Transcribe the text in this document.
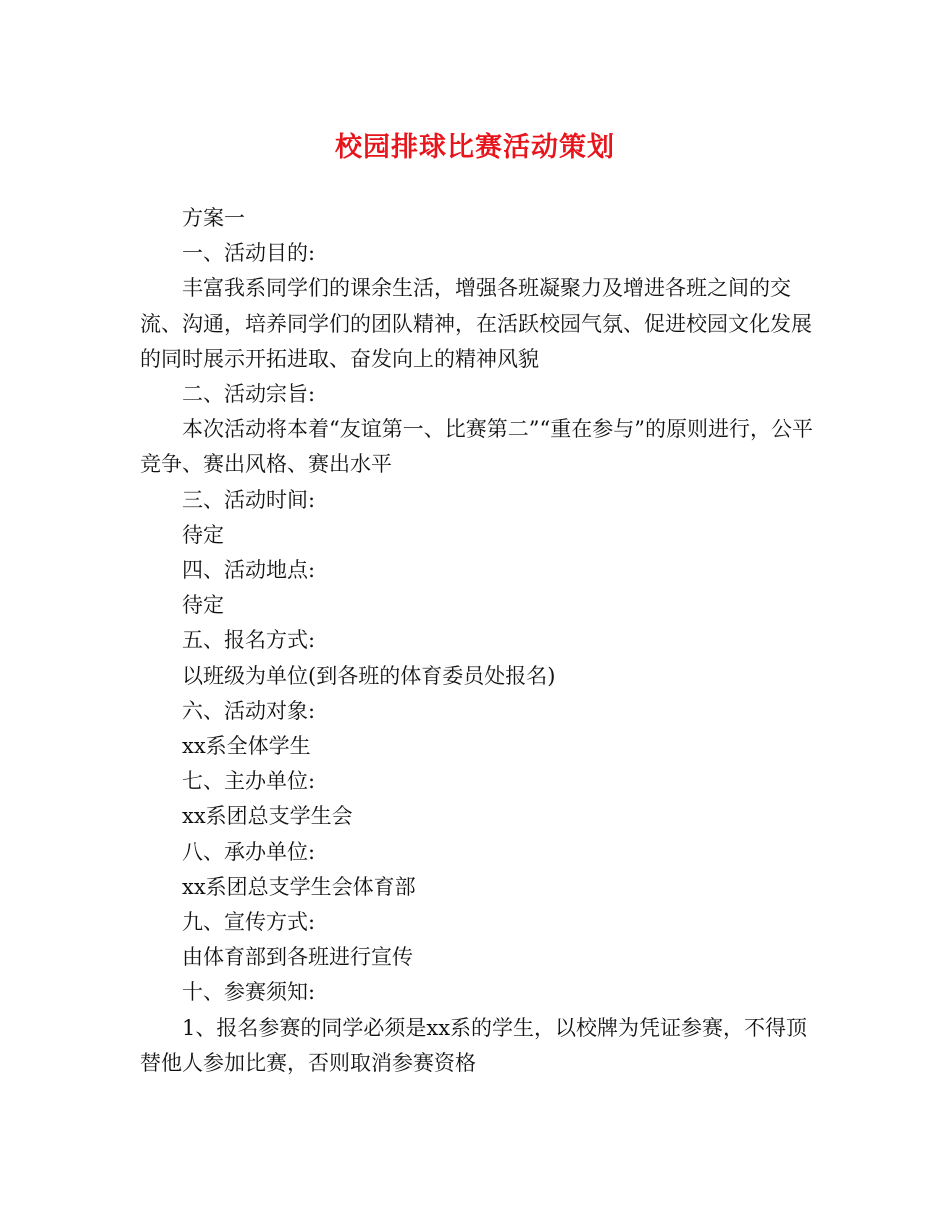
校园排球比赛活动策划

方案一

一、活动目的:

丰富我系同学们的课余生活，增强各班凝聚力及增进各班之间的交流、沟通，培养同学们的团队精神，在活跃校园气氛、促进校园文化发展的同时展示开拓进取、奋发向上的精神风貌

二、活动宗旨:

本次活动将本着“友谊第一、比赛第二”“重在参与”的原则进行，公平竞争、赛出风格、赛出水平

三、活动时间:

待定

四、活动地点:

待定

五、报名方式:

以班级为单位(到各班的体育委员处报名)

六、活动对象:

xx系全体学生

七、主办单位:

xx系团总支学生会

八、承办单位:

xx系团总支学生会体育部

九、宣传方式:

由体育部到各班进行宣传

十、参赛须知:

1、报名参赛的同学必须是xx系的学生，以校牌为凭证参赛，不得顶替他人参加比赛，否则取消参赛资格
